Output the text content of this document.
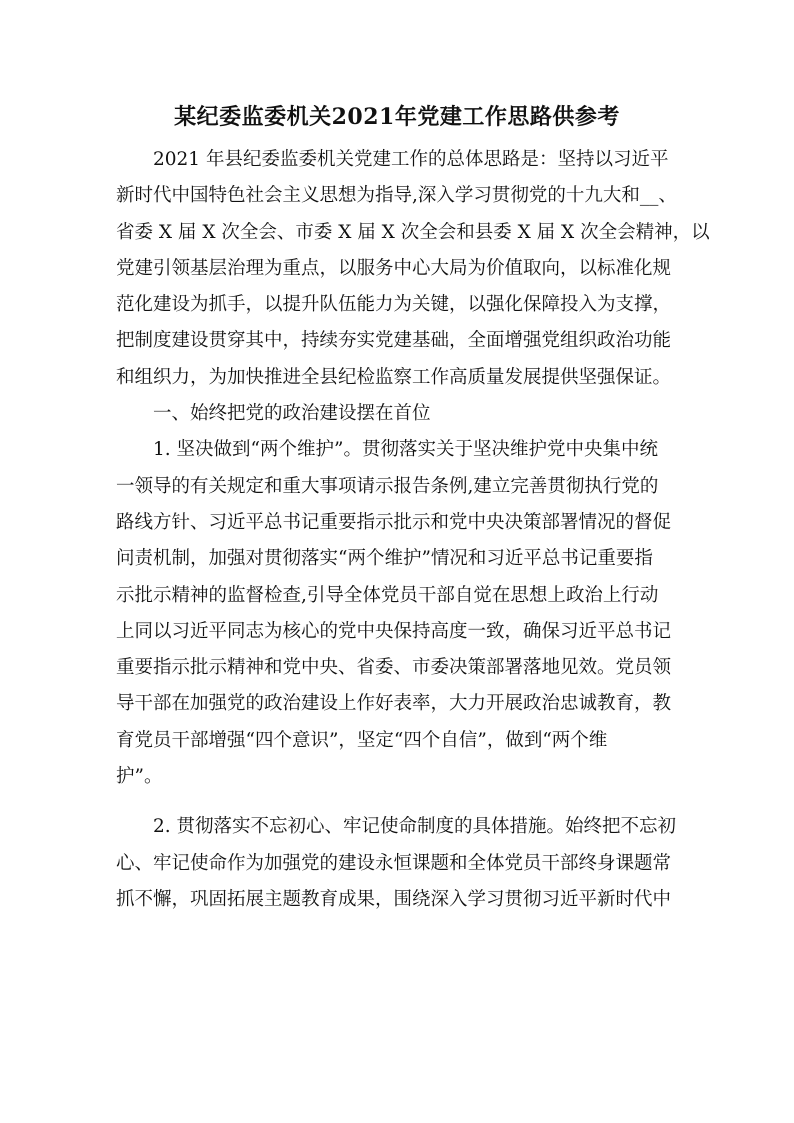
某纪委监委机关2021年党建工作思路供参考
2021 年县纪委监委机关党建工作的总体思路是：坚持以习近平
新时代中国特色社会主义思想为指导,深入学习贯彻党的十九大和__、
省委 X 届 X 次全会、市委 X 届 X 次全会和县委 X 届 X 次全会精神，以
党建引领基层治理为重点，以服务中心大局为价值取向，以标准化规
范化建设为抓手，以提升队伍能力为关键，以强化保障投入为支撑，
把制度建设贯穿其中，持续夯实党建基础，全面增强党组织政治功能
和组织力，为加快推进全县纪检监察工作高质量发展提供坚强保证。
一、始终把党的政治建设摆在首位
1. 坚决做到“两个维护”。贯彻落实关于坚决维护党中央集中统
一领导的有关规定和重大事项请示报告条例,建立完善贯彻执行党的
路线方针、习近平总书记重要指示批示和党中央决策部署情况的督促
问责机制，加强对贯彻落实“两个维护”情况和习近平总书记重要指
示批示精神的监督检查,引导全体党员干部自觉在思想上政治上行动
上同以习近平同志为核心的党中央保持高度一致，确保习近平总书记
重要指示批示精神和党中央、省委、市委决策部署落地见效。党员领
导干部在加强党的政治建设上作好表率，大力开展政治忠诚教育，教
育党员干部增强“四个意识”，坚定“四个自信”，做到“两个维
护”。
2. 贯彻落实不忘初心、牢记使命制度的具体措施。始终把不忘初
心、牢记使命作为加强党的建设永恒课题和全体党员干部终身课题常
抓不懈，巩固拓展主题教育成果，围绕深入学习贯彻习近平新时代中
